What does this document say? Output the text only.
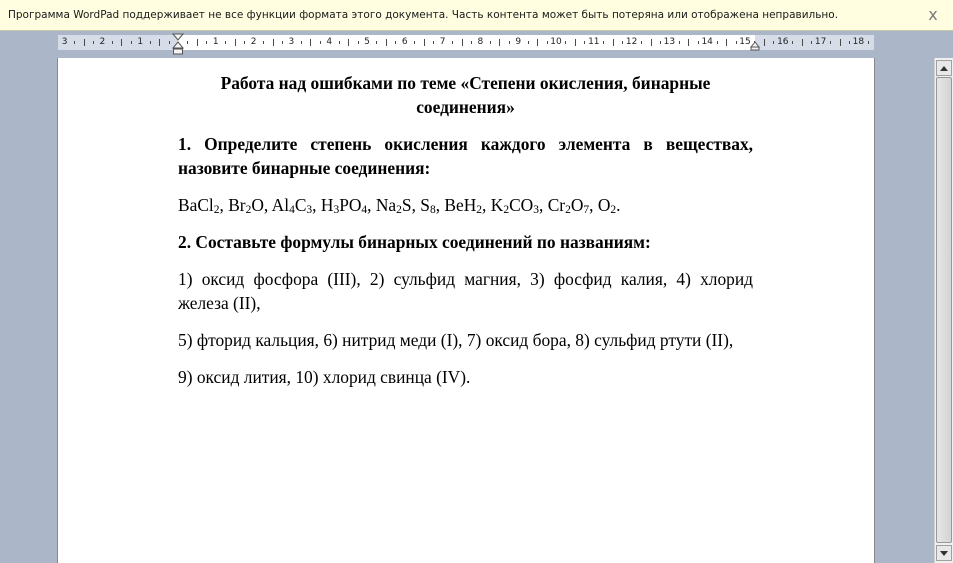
Программа WordPad поддерживает не все функции формата этого документа. Часть контента может быть потеряна или отображена неправильно.	x
3	2	1	1	2	3	4	5	6	7	8	9	10	11	12	13	14	15	16	17	18

Работа над ошибками по теме «Степени окисления, бинарные соединения»

1. Определите степень окисления каждого элемента в веществах, назовите бинарные соединения:

BaCl$_2$, $Br_2O$, $Al_4C_3$, $H_3PO_4$, $Na_2S$, $S_8$, BeH$_2$, $K_2CO_3$, $Cr_2O_7$, $O_2$.

2. Составьте формулы бинарных соединений по названиям:

1) оксид фосфора (III), 2) сульфид магния, 3) фосфид калия, 4) хлорид железа (II),

5) фторид кальция, 6) нитрид меди (I), 7) оксид бора, 8) сульфид ртути (II),

9) оксид лития, 10) хлорид свинца (IV).
